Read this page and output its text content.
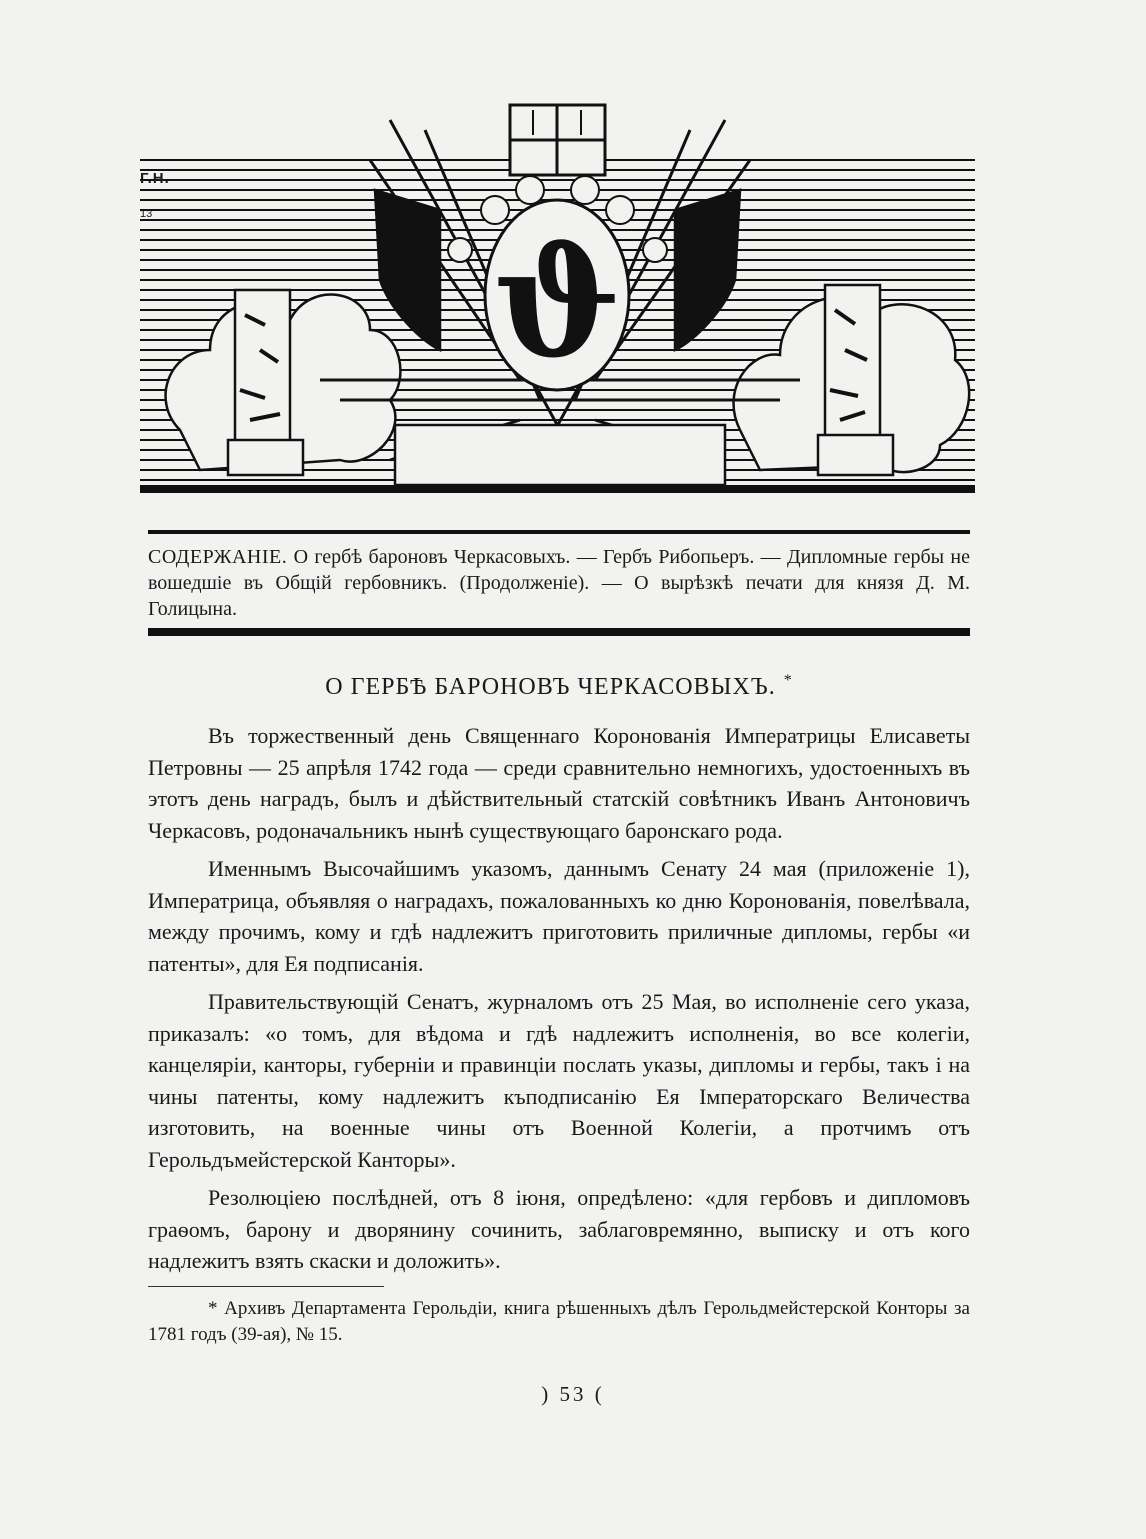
ϑ
Г.Н.
13
СОДЕРЖАНІЕ. О гербѣ бароновъ Черкасовыхъ. — Гербъ Рибопьеръ. — Дипломные гербы не вошедшіе въ Общій гербовникъ. (Продолженіе). — О вырѣзкѣ печати для князя Д. М. Голицына.
О ГЕРБѢ БАРОНОВЪ ЧЕРКАСОВЫХЪ. *

Въ торжественный день Священнаго Коронованія Императрицы Елисаветы Петровны — 25 апрѣля 1742 года — среди сравнительно немногихъ, удостоенныхъ въ этотъ день наградъ, былъ и дѣйствительный статскій совѣтникъ Иванъ Антоновичъ Черкасовъ, родоначальникъ нынѣ существующаго баронскаго рода.

Именнымъ Высочайшимъ указомъ, даннымъ Сенату 24 мая (приложеніе 1), Императрица, объявляя о наградахъ, пожалованныхъ ко дню Коронованія, повелѣвала, между прочимъ, кому и гдѣ надлежитъ приготовить приличные дипломы, гербы «и патенты», для Ея подписанія.

Правительствующій Сенатъ, журналомъ отъ 25 Мая, во исполненіе сего указа, приказалъ: «о томъ, для вѣдома и гдѣ надлежитъ исполненія, во все колегіи, канцеляріи, канторы, губерніи и правинціи послать указы, дипломы и гербы, такъ і на чины патенты, кому надлежитъ къподписанію Ея Імператорскаго Величества изготовить, на военные чины отъ Военной Колегіи, а протчимъ отъ Герольдъмейстерской Канторы».

Резолюціею послѣдней, отъ 8 іюня, опредѣлено: «для гербовъ и дипломовъ граѳомъ, барону и дворянину сочинить, заблаговремянно, выписку и отъ кого надлежитъ взять скаски и доложить».

* Архивъ Департамента Герольдіи, книга рѣшенныхъ дѣлъ Герольдмейстерской Конторы за 1781 годъ (39-ая), № 15.
) 53 (
